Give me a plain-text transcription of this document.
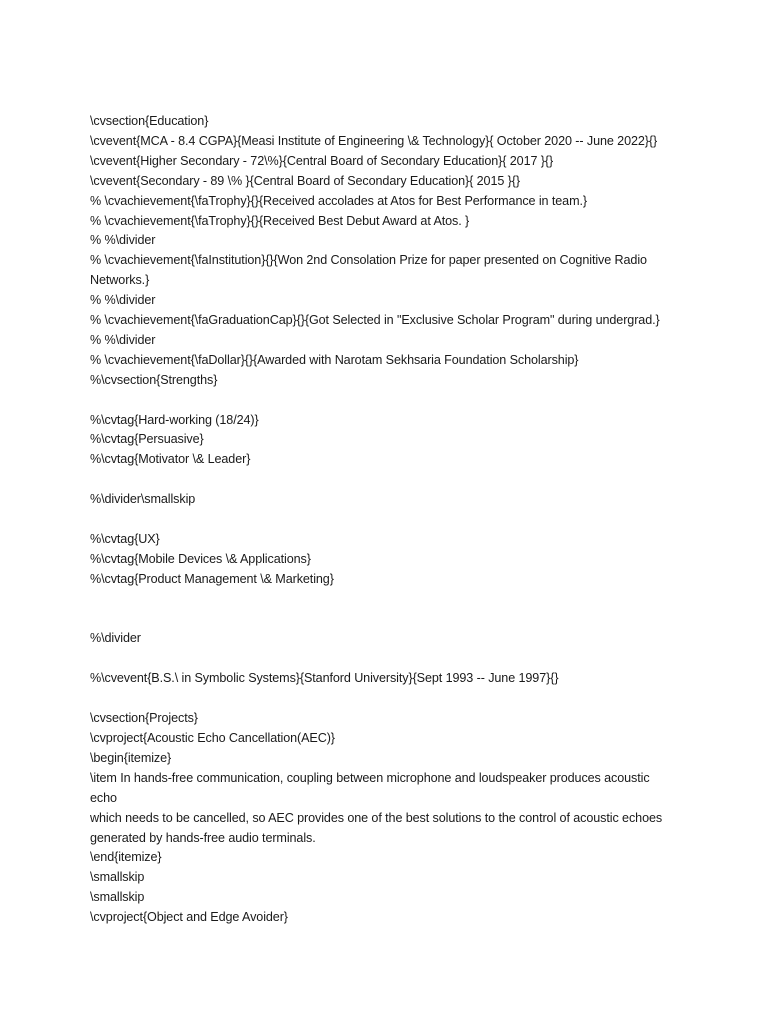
\cvsection{Education}
\cvevent{MCA - 8.4 CGPA}{Measi Institute of Engineering \& Technology}{ October 2020 -- June 2022}{}
\cvevent{Higher Secondary - 72\%}{Central Board of Secondary Education}{ 2017 }{}
\cvevent{Secondary - 89 \% }{Central Board of Secondary Education}{ 2015 }{}
% \cvachievement{\faTrophy}{}{Received accolades at Atos for Best Performance in team.}
% \cvachievement{\faTrophy}{}{Received Best Debut Award at Atos. }
% %\divider
% \cvachievement{\faInstitution}{}{Won 2nd Consolation Prize for paper presented on Cognitive Radio
Networks.}
% %\divider
% \cvachievement{\faGraduationCap}{}{Got Selected in "Exclusive Scholar Program" during undergrad.}
% %\divider
% \cvachievement{\faDollar}{}{Awarded with Narotam Sekhsaria Foundation Scholarship}
%\cvsection{Strengths}
%\cvtag{Hard-working (18/24)}
%\cvtag{Persuasive}
%\cvtag{Motivator \& Leader}
%\divider\smallskip
%\cvtag{UX}
%\cvtag{Mobile Devices \& Applications}
%\cvtag{Product Management \& Marketing}
%\divider
%\cvevent{B.S.\ in Symbolic Systems}{Stanford University}{Sept 1993 -- June 1997}{}
\cvsection{Projects}
\cvproject{Acoustic Echo Cancellation(AEC)}
\begin{itemize}
\item In hands-free communication, coupling between microphone and loudspeaker produces acoustic
echo
which needs to be cancelled, so AEC provides one of the best solutions to the control of acoustic echoes
generated by hands-free audio terminals.
\end{itemize}
\smallskip
\smallskip
\cvproject{Object and Edge Avoider}
